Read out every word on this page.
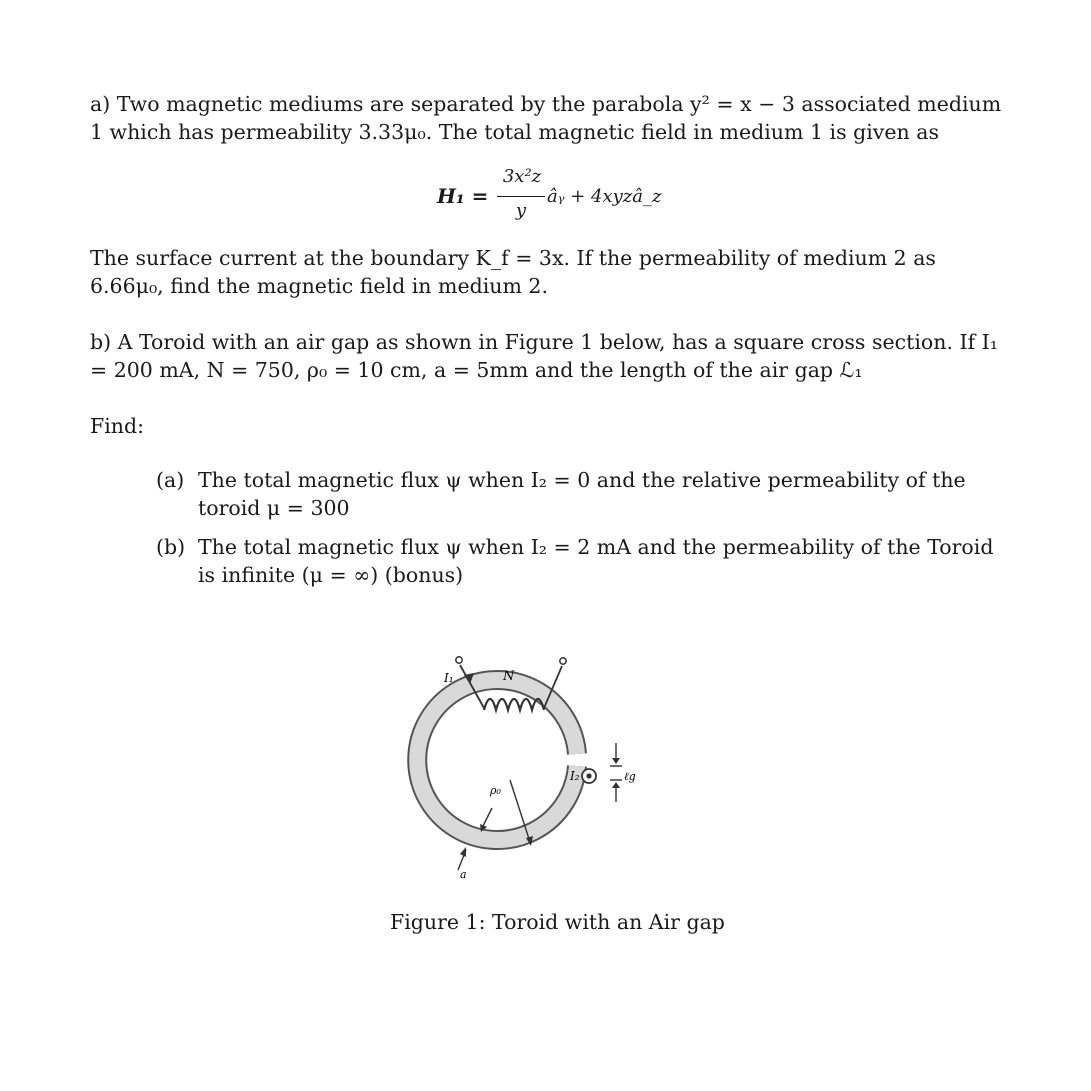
a) Two magnetic mediums are separated by the parabola y² = x − 3 associated medium 1 which has permeability 3.33μ₀. The total magnetic field in medium 1 is given as
H₁ =
3x²z
y
âᵧ + 4xyzâ_z
The surface current at the boundary K_f = 3x. If the permeability of medium 2 as 6.66μ₀, find the magnetic field in medium 2.
b) A Toroid with an air gap as shown in Figure 1 below, has a square cross section. If I₁ = 200 mA, N = 750, ρ₀ = 10 cm, a = 5mm and the length of the air gap ℒ₁
Find:
(a) The total magnetic flux ψ when I₂ = 0 and the relative permeability of the toroid μ = 300
(b) The total magnetic flux ψ when I₂ = 2 mA and the permeability of the Toroid is infinite (μ = ∞) (bonus)
I₁	N
I₂
ρ₀
ℓg
a
Figure 1: Toroid with an Air gap
